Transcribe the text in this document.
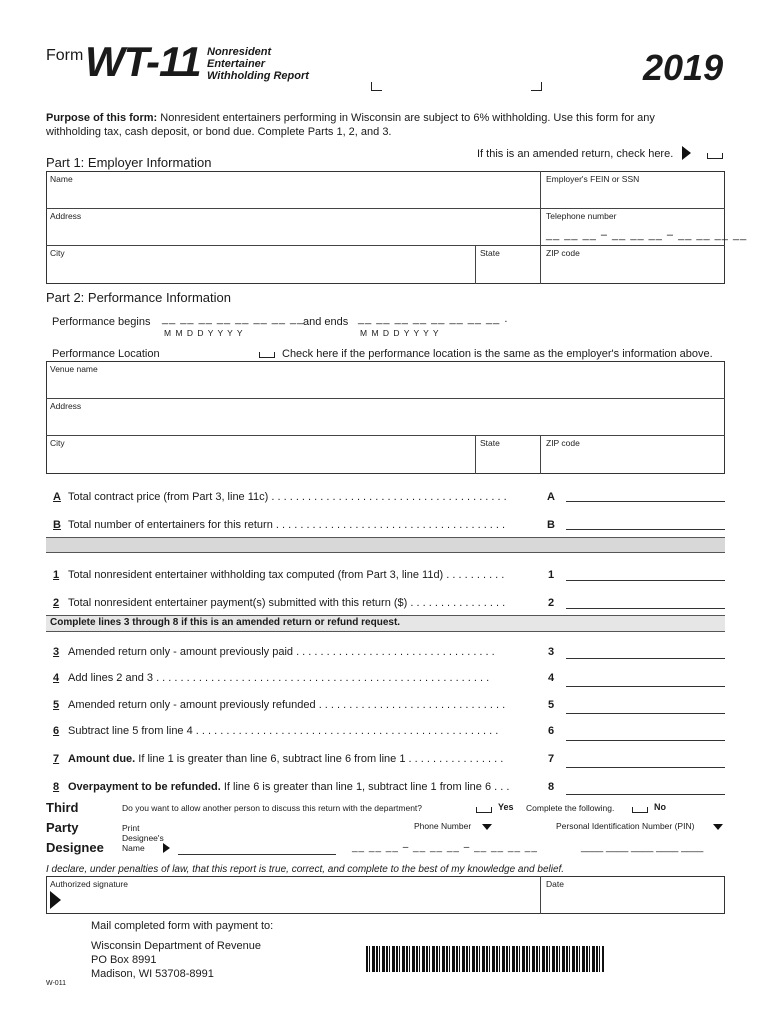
Form WT-11 Nonresident
Entertainer
Withholding Report	2019
Purpose of this form: Nonresident entertainers performing in Wisconsin are subject to 6% withholding. Use this form for any
withholding tax, cash deposit, or bond due. Complete Parts 1, 2, and 3.
Part 1: Employer Information
If this is an amended return, check here.
Name	Employer's FEIN or SSN
Address	Telephone number
__ __ __ – __ __ __ – __ __ __ __
City	State	ZIP code
Part 2: Performance Information
Performance begins __ __ __ __ __ __ __ __
M M D D Y Y Y Y
and ends __ __ __ __ __ __ __ __ .
M M D D Y Y Y Y
Performance Location	Check here if the performance location is the same as the employer's information above.
Venue name
Address
City	State	ZIP code
A Total contract price (from Part 3, line 11c) . . . . . . . . . . . . . . . . . . . . . . . . . . . . . . . . . . . . . . .	A
B Total number of entertainers for this return . . . . . . . . . . . . . . . . . . . . . . . . . . . . . . . . . . . . . .	B
1 Total nonresident entertainer withholding tax computed (from Part 3, line 11d) . . . . . . . . . .	1
2 Total nonresident entertainer payment(s) submitted with this return ($) . . . . . . . . . . . . . . . .	2
Complete lines 3 through 8 if this is an amended return or refund request.
3 Amended return only - amount previously paid . . . . . . . . . . . . . . . . . . . . . . . . . . . . . . . . .	3
4 Add lines 2 and 3 . . . . . . . . . . . . . . . . . . . . . . . . . . . . . . . . . . . . . . . . . . . . . . . . . . . . . . .	4
5 Amended return only - amount previously refunded . . . . . . . . . . . . . . . . . . . . . . . . . . . . . . .	5
6 Subtract line 5 from line 4 . . . . . . . . . . . . . . . . . . . . . . . . . . . . . . . . . . . . . . . . . . . . . . . . . .	6
7 Amount due. If line 1 is greater than line 6, subtract line 6 from line 1 . . . . . . . . . . . . . . . .	7
8 Overpayment to be refunded. If line 6 is greater than line 1, subtract line 1 from line 6 . . .	8
Third
Party
Designee
Do you want to allow another person to discuss this return with the department?	Yes Complete the following.	No
Print
Designee's
Name
Phone Number
__ __ __ – __ __ __ – __ __ __ __
Personal Identification Number (PIN)
____ ____ ____ ____ ____
I declare, under penalties of law, that this report is true, correct, and complete to the best of my knowledge and belief.
Authorized signature	Date
Mail completed form with payment to:
Wisconsin Department of Revenue
PO Box 8991
Madison, WI 53708-8991
W-011
